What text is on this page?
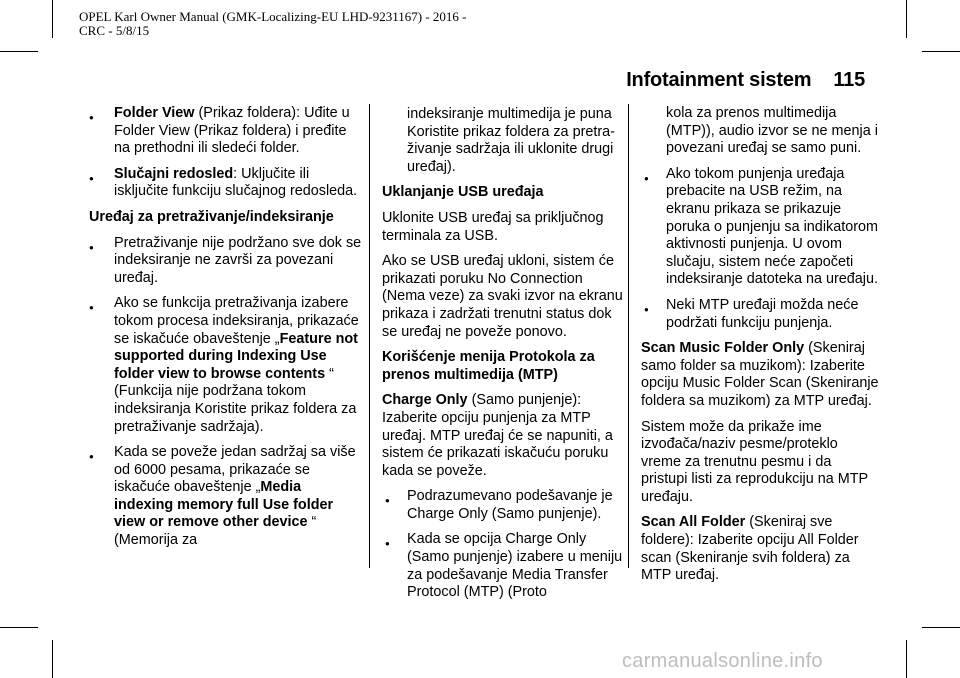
OPEL Karl Owner Manual (GMK-Localizing-EU LHD-9231167) - 2016 -
CRC - 5/8/15
Infotainment sistem 115
● Folder View (Prikaz foldera): Uđite u Folder View (Prikaz foldera) i pređite na prethodni ili sledeći folder.
● Slučajni redosled: Uključite ili isključite funkciju slučajnog redosleda.
Uređaj za pretraživanje/indeksiranje
● Pretraživanje nije podržano sve dok se indeksiranje ne završi za povezani uređaj.
● Ako se funkcija pretraživanja izabere tokom procesa indeksiranja, prikazaće se iskačuće obaveštenje „Feature not supported during Indexing Use folder view to browse contents “ (Funkcija nije podržana tokom indeksiranja Koristite prikaz foldera za pretraživanje sadržaja).
● Kada se poveže jedan sadržaj sa više od 6000 pesama, prikazaće se iskačuće obaveštenje „Media indexing memory full Use folder view or remove other device “ (Memorija za

indeksiranje multimedija je puna Koristite prikaz foldera za pretraživanje sadržaja ili uklonite drugi uređaj).

Uklanjanje USB uređaja

Uklonite USB uređaj sa priključnog terminala za USB.

Ako se USB uređaj ukloni, sistem će prikazati poruku No Connection (Nema veze) za svaki izvor na ekranu prikaza i zadržati trenutni status dok se uređaj ne poveže ponovo.

Korišćenje menija Protokola za prenos multimedija (MTP)

Charge Only (Samo punjenje): Izaberite opciju punjenja za MTP uređaj. MTP uređaj će se napuniti, a sistem će prikazati iskačuću poruku kada se poveže.

● Podrazumevano podešavanje je Charge Only (Samo punjenje).
● Kada se opcija Charge Only (Samo punjenje) izabere u meniju za podešavanje Media Transfer Protocol (MTP) (Proto

kola za prenos multimedija (MTP)), audio izvor se ne menja i povezani uređaj se samo puni.

● Ako tokom punjenja uređaja prebacite na USB režim, na ekranu prikaza se prikazuje poruka o punjenju sa indikatorom aktivnosti punjenja. U ovom slučaju, sistem neće započeti indeksiranje datoteka na uređaju.
● Neki MTP uređaji možda neće podržati funkciju punjenja.

Scan Music Folder Only (Skeniraj samo folder sa muzikom): Izaberite opciju Music Folder Scan (Skeniranje foldera sa muzikom) za MTP uređaj.

Sistem može da prikaže ime izvođača/naziv pesme/proteklo vreme za trenutnu pesmu i da pristupi listi za reprodukciju na MTP uređaju.

Scan All Folder (Skeniraj sve foldere): Izaberite opciju All Folder scan (Skeniranje svih foldera) za MTP uređaj.

carmanualsonline.info
